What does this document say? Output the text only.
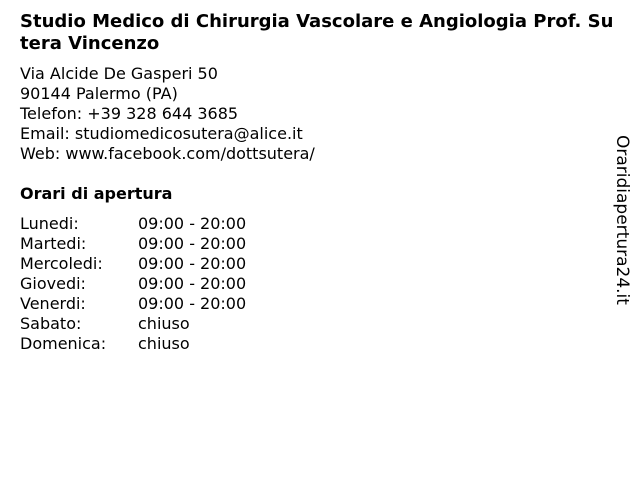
Studio Medico di Chirurgia Vascolare e Angiologia Prof. Sutera Vincenzo
Via Alcide De Gasperi 50
90144 Palermo (PA)
Telefon: +39 328 644 3685
Email: studiomedicosutera@alice.it
Web: www.facebook.com/dottsutera/
Orari di apertura
Lunedi:	09:00 - 20:00
Martedi:	09:00 - 20:00
Mercoledi: 09:00 - 20:00
Giovedi:	09:00 - 20:00
Venerdi:	09:00 - 20:00
Sabato:	chiuso
Domenica: chiuso
Oraridiapertura24.it
